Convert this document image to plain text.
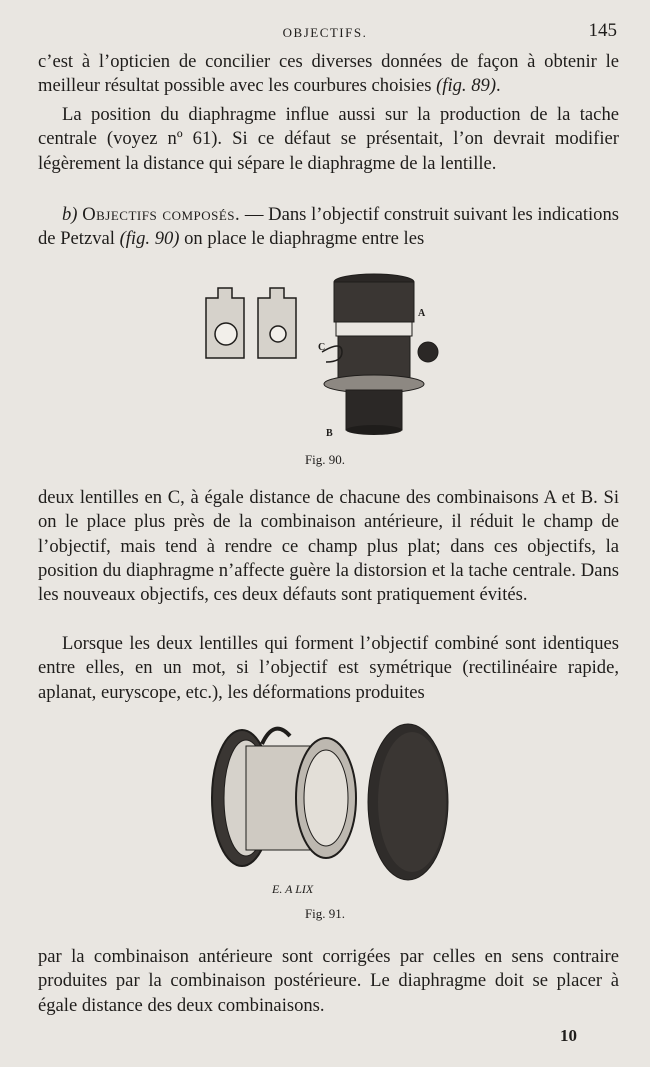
OBJECTIFS.	145

c’est à l’opticien de concilier ces diverses données de façon à obtenir le meilleur résultat possible avec les courbures choisies (fig. 89).

La position du diaphragme influe aussi sur la production de la tache centrale (voyez nº 61). Si ce défaut se présentait, l’on devrait modifier légèrement la distance qui sépare le diaphragme de la lentille.

b) Objectifs composés. — Dans l’objectif construit suivant les indications de Petzval (fig. 90) on place le diaphragme entre les

A
C
B
Fig. 90.

deux lentilles en C, à égale distance de chacune des combinaisons A et B. Si on le place plus près de la combinaison antérieure, il réduit le champ de l’objectif, mais tend à rendre ce champ plus plat; dans ces objectifs, la position du diaphragme n’affecte guère la distorsion et la tache centrale. Dans les nouveaux objectifs, ces deux défauts sont pratiquement évités.

Lorsque les deux lentilles qui forment l’objectif combiné sont identiques entre elles, en un mot, si l’objectif est symétrique (rectilinéaire rapide, aplanat, euryscope, etc.), les déformations produites

E. A LIX
Fig. 91.

par la combinaison antérieure sont corrigées par celles en sens contraire produites par la combinaison postérieure. Le diaphragme doit se placer à égale distance des deux combinaisons.

10
